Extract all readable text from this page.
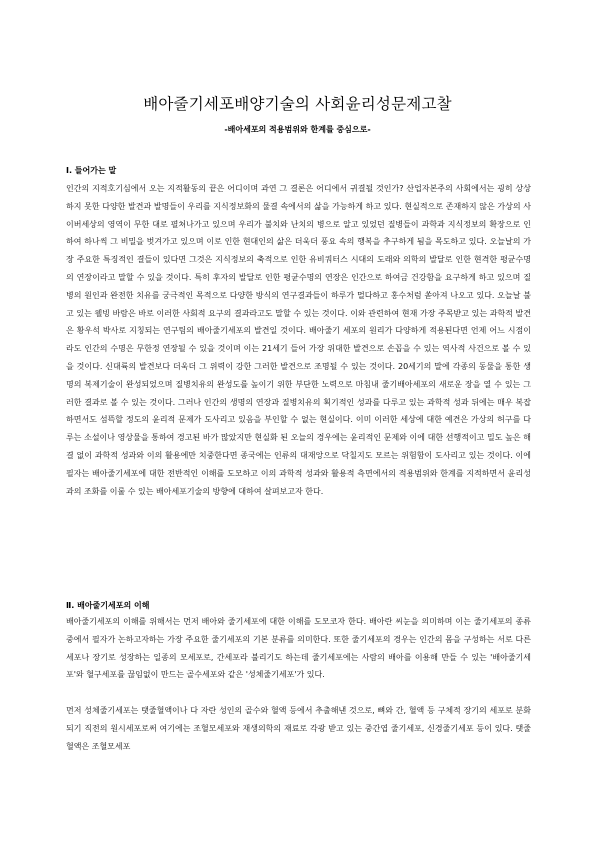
배아줄기세포배양기술의 사회윤리성문제고찰
-배아세포의 적용범위와 한계를 중심으로-
Ⅰ. 들어가는 말

인간의 지적호기심에서 오는 지적활동의 끝은 어디이며 과연 그 결론은 어디에서 귀결될 것인가? 산업자본주의 사회에서는 굉히 상상하지 못한 다양한 발견과 발명들이 우리를 지식정보화의 물결 속에서의 삶을 가능하게 하고 있다. 현실적으로 존재하지 않은 가상의 사이버세상의 영역이 무한 대로 펼쳐나가고 있으며 우리가 불치와 난치의 병으로 알고 있었던 질병들이 과학과 지식정보의 확장으로 인하여 하나씩 그 비밀을 벗겨가고 있으며 이로 인한 현대인의 삶은 더욱더 풍요 속의 행복을 추구하게 됨을 목도하고 있다. 오늘날의 가장 주요한 특징적인 결들이 있다면 그것은 지식정보의 축적으로 인한 유비쿼터스 시대의 도래와 의학의 발달로 인한 현격한 평균수명의 연장이라고 말할 수 있을 것이다. 특히 후자의 발달로 인한 평균수명의 연장은 인간으로 하여금 건강함을 요구하게 하고 있으며 질병의 원인과 완전한 치유를 궁극적인 목적으로 다양한 방식의 연구결과들이 하루가 멀다하고 홍수처럼 쏟아져 나오고 있다. 오늘날 불고 있는 웰빙 바람은 바로 이러한 사회적 요구의 결과라고도 말할 수 있는 것이다. 이와 관련하여 현재 가장 주목받고 있는 과학적 발견은 황우석 박사로 지칭되는 연구팀의 배아줄기세포의 발견일 것이다. 배아줄기 세포의 원리가 다양하게 적용된다면 언제 어느 시점이라도 인간의 수명은 무한정 연장될 수 있을 것이며 이는 21세기 들어 가장 위대한 발견으로 손꼽을 수 있는 역사적 사건으로 볼 수 있을 것이다. 신대륙의 발견보다 더욱더 그 위력이 강한 그러한 발견으로 조명될 수 있는 것이다. 20세기의 말에 각종의 동물을 통한 생명의 복제기술이 완성되었으며 질병치유의 완성도를 높이기 위한 부단한 노력으로 마침내 줄기배아세포의 새로운 장을 열 수 있는 그러한 결과로 볼 수 있는 것이다. 그러나 인간의 생명의 연장과 질병치유의 획기적인 성과를 다루고 있는 과학적 성과 뒤에는 매우 복잡하면서도 섬뜩할 정도의 윤리적 문제가 도사리고 있음을 부인할 수 없는 현실이다. 이미 이러한 세상에 대한 예견은 가상의 허구를 다루는 소설이나 영상물을 통하여 경고된 바가 많았지만 현실화 된 오늘의 경우에는 윤리적인 문제와 이에 대한 선행적이고 밀도 높은 해결 없이 과학적 성과와 이의 활용에만 치중한다면 종국에는 인류의 대재앙으로 닥칠지도 모르는 위험함이 도사리고 있는 것이다. 이에 필자는 배아줄기세포에 대한 전반적인 이해를 도모하고 이의 과학적 성과와 활용적 측면에서의 적용범위와 한계를 지적하면서 윤리성과의 조화를 이룰 수 있는 배아세포기술의 방향에 대하여 살펴보고자 한다.

Ⅱ. 배아줄기세포의 이해

배아줄기세포의 이해를 위해서는 먼저 배아와 줄기세포에 대한 이해를 도모코자 한다. 배아란 씨눈을 의미하며 이는 줄기세포의 종류 중에서 필자가 논하고자하는 가장 주요한 줄기세포의 기본 분류를 의미한다. 또한 줄기세포의 경우는 인간의 몸을 구성하는 서로 다른 세포나 장기로 성장하는 일종의 모세포로, 간세포라 불리기도 하는데 줄기세포에는 사람의 배아를 이용해 만들 수 있는 '배아줄기세포'와 혈구세포를 끊임없이 만드는 골수세포와 같은 '성체줄기세포'가 있다.

먼저 성체줄기세포는 탯줄혈액이나 다 자란 성인의 골수와 혈액 등에서 추출해낸 것으로, 뼈와 간, 혈액 등 구체적 장기의 세포로 분화되기 직전의 원시세포로써 여기에는 조혈모세포와 재생의학의 재료로 각광 받고 있는 중간엽 줄기세포, 신경줄기세포 등이 있다. 탯줄혈액은 조혈모세포
